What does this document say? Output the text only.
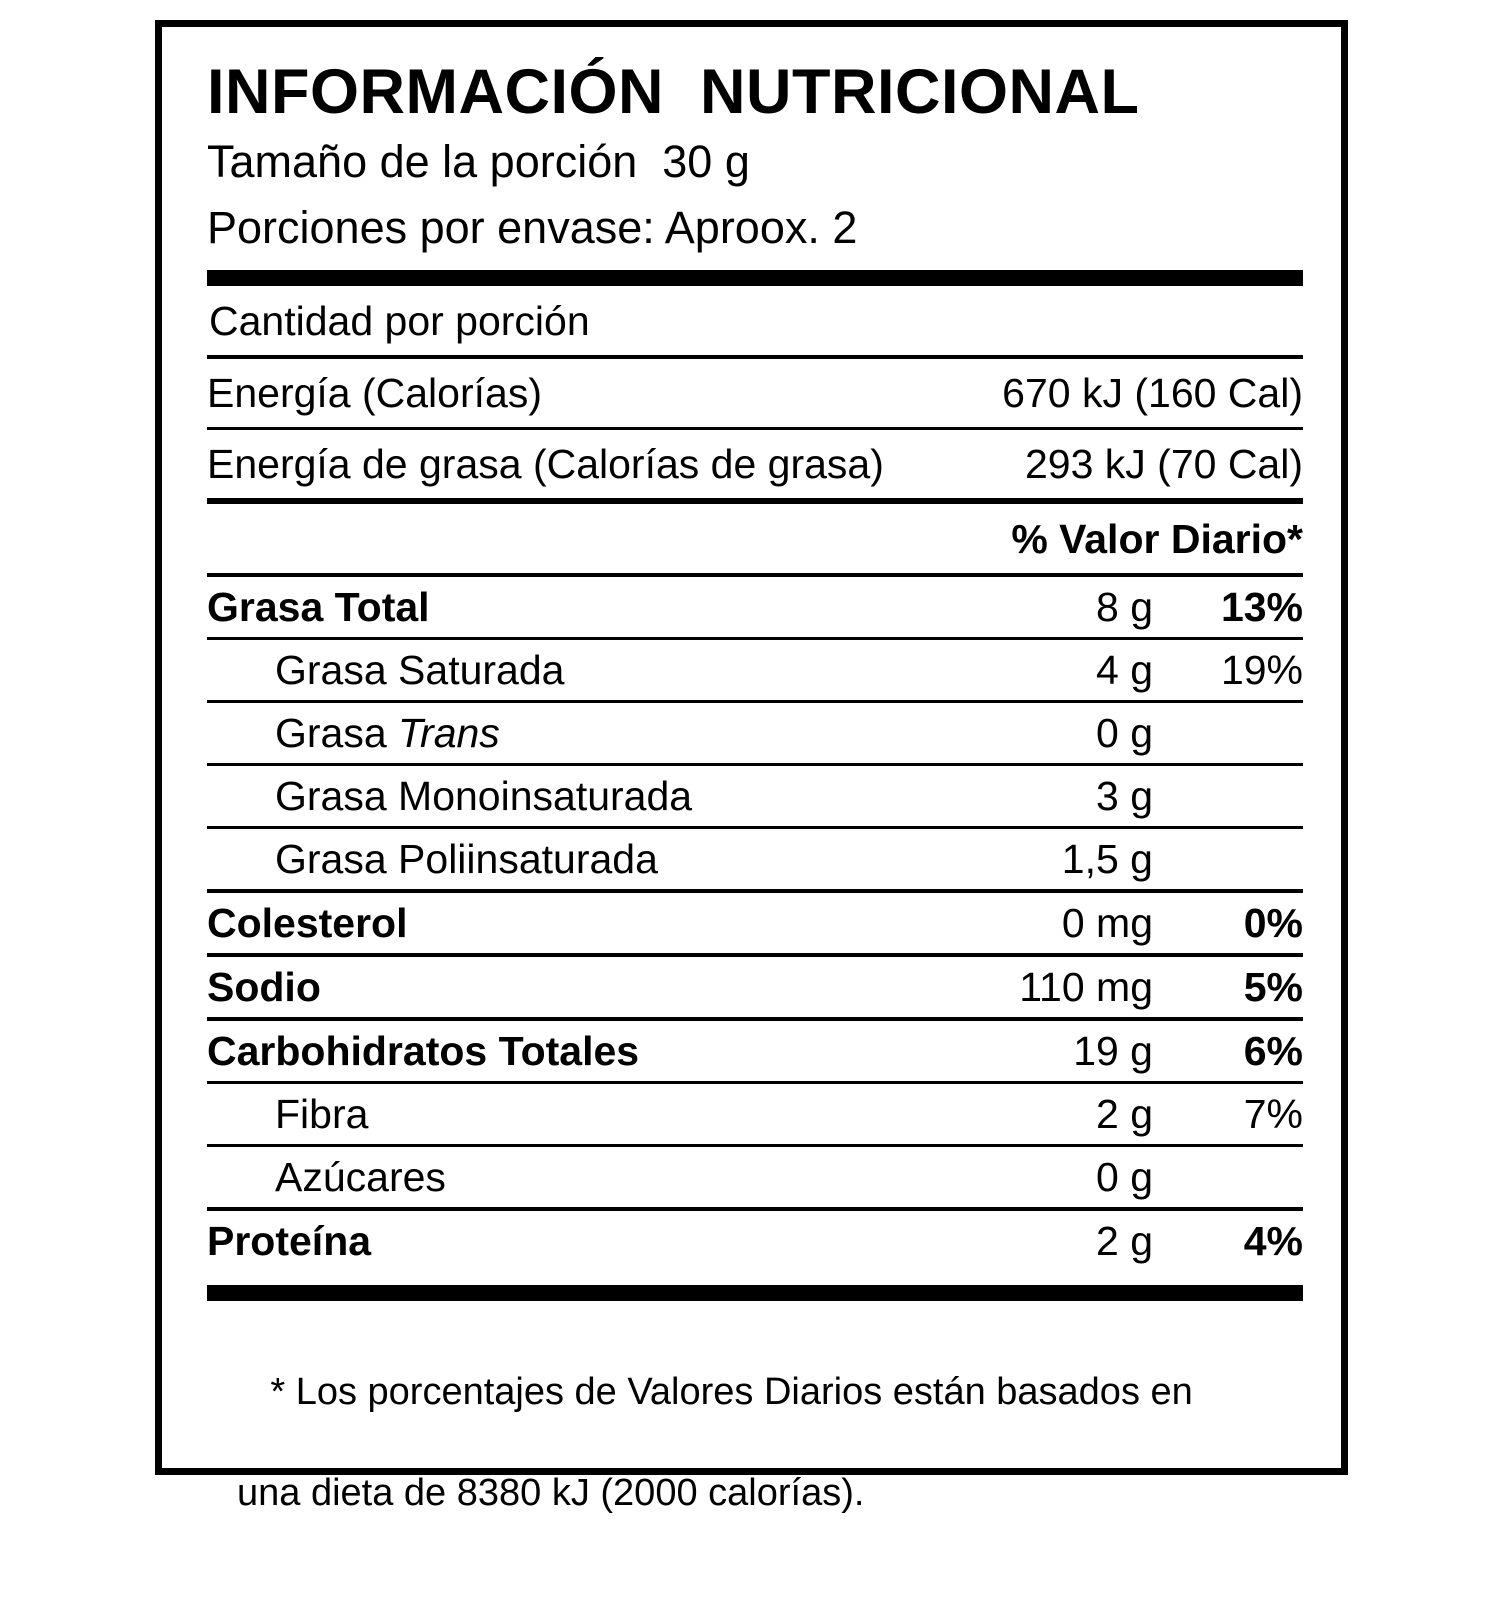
INFORMACIÓN  NUTRICIONAL
Tamaño de la porción  30 g
Porciones por envase: Aproox. 2
Cantidad por porción
Energía (Calorías)	670 kJ (160 Cal)
Energía de grasa (Calorías de grasa)	293 kJ (70 Cal)
% Valor Diario*
Grasa Total	8 g	13%
Grasa Saturada	4 g	19%
Grasa Trans	0 g
Grasa Monoinsaturada	3 g
Grasa Poliinsaturada	1,5 g
Colesterol	0 mg	0%
Sodio	110 mg	5%
Carbohidratos Totales	19 g	6%
Fibra	2 g	7%
Azúcares	0 g
Proteína	2 g	4%

* Los porcentajes de Valores Diarios están basados en

una dieta de 8380 kJ (2000 calorías).
